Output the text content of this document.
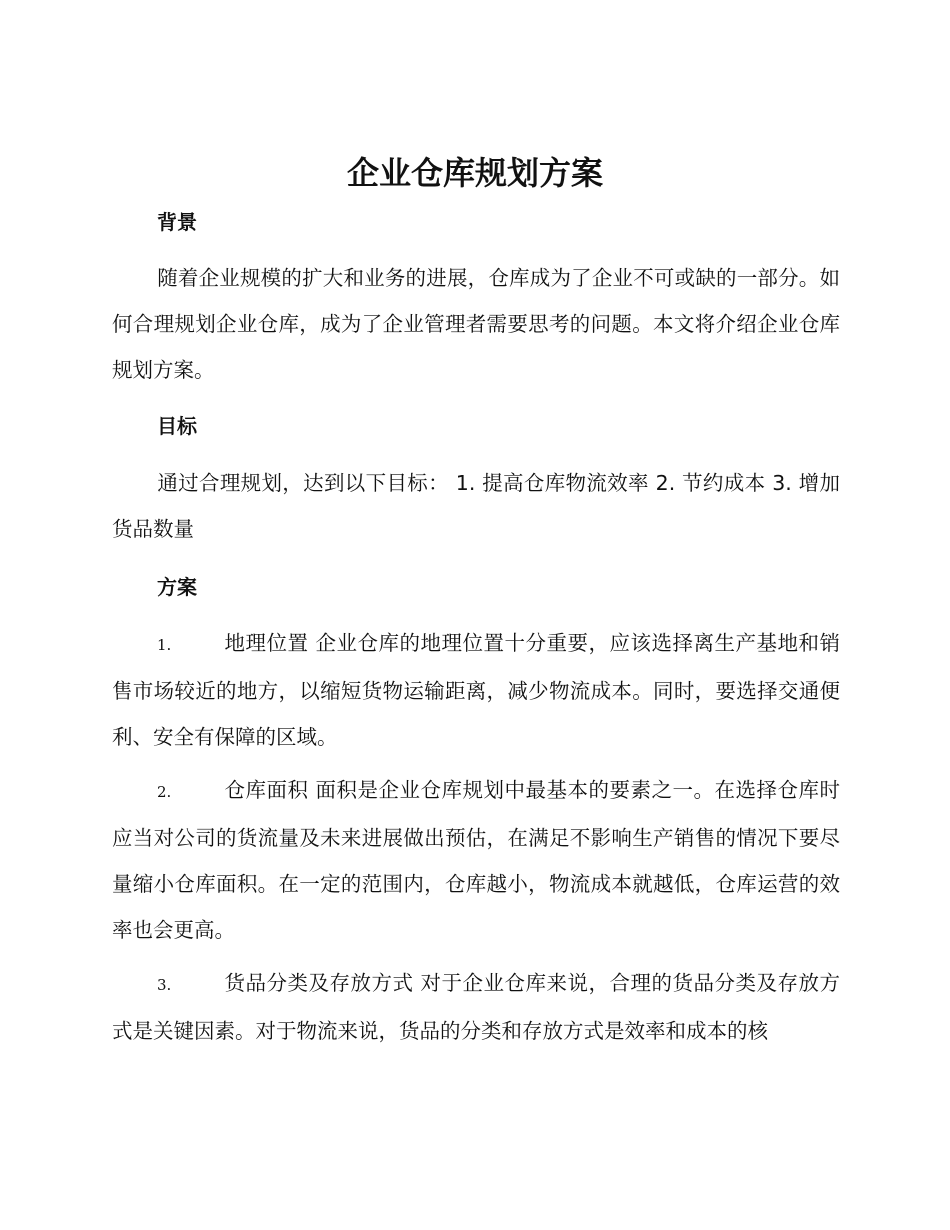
企业仓库规划方案
背景
随着企业规模的扩大和业务的进展，仓库成为了企业不可或缺的一部分。如何合理规划企业仓库，成为了企业管理者需要思考的问题。本文将介绍企业仓库规划方案。
目标
通过合理规划，达到以下目标： 1. 提高仓库物流效率 2. 节约成本 3. 增加货品数量
方案
1.	地理位置 企业仓库的地理位置十分重要，应该选择离生产基地和销售市场较近的地方，以缩短货物运输距离，减少物流成本。同时，要选择交通便利、安全有保障的区域。
2.	仓库面积 面积是企业仓库规划中最基本的要素之一。在选择仓库时应当对公司的货流量及未来进展做出预估，在满足不影响生产销售的情况下要尽量缩小仓库面积。在一定的范围内，仓库越小，物流成本就越低，仓库运营的效率也会更高。
3.	货品分类及存放方式 对于企业仓库来说，合理的货品分类及存放方式是关键因素。对于物流来说，货品的分类和存放方式是效率和成本的核
